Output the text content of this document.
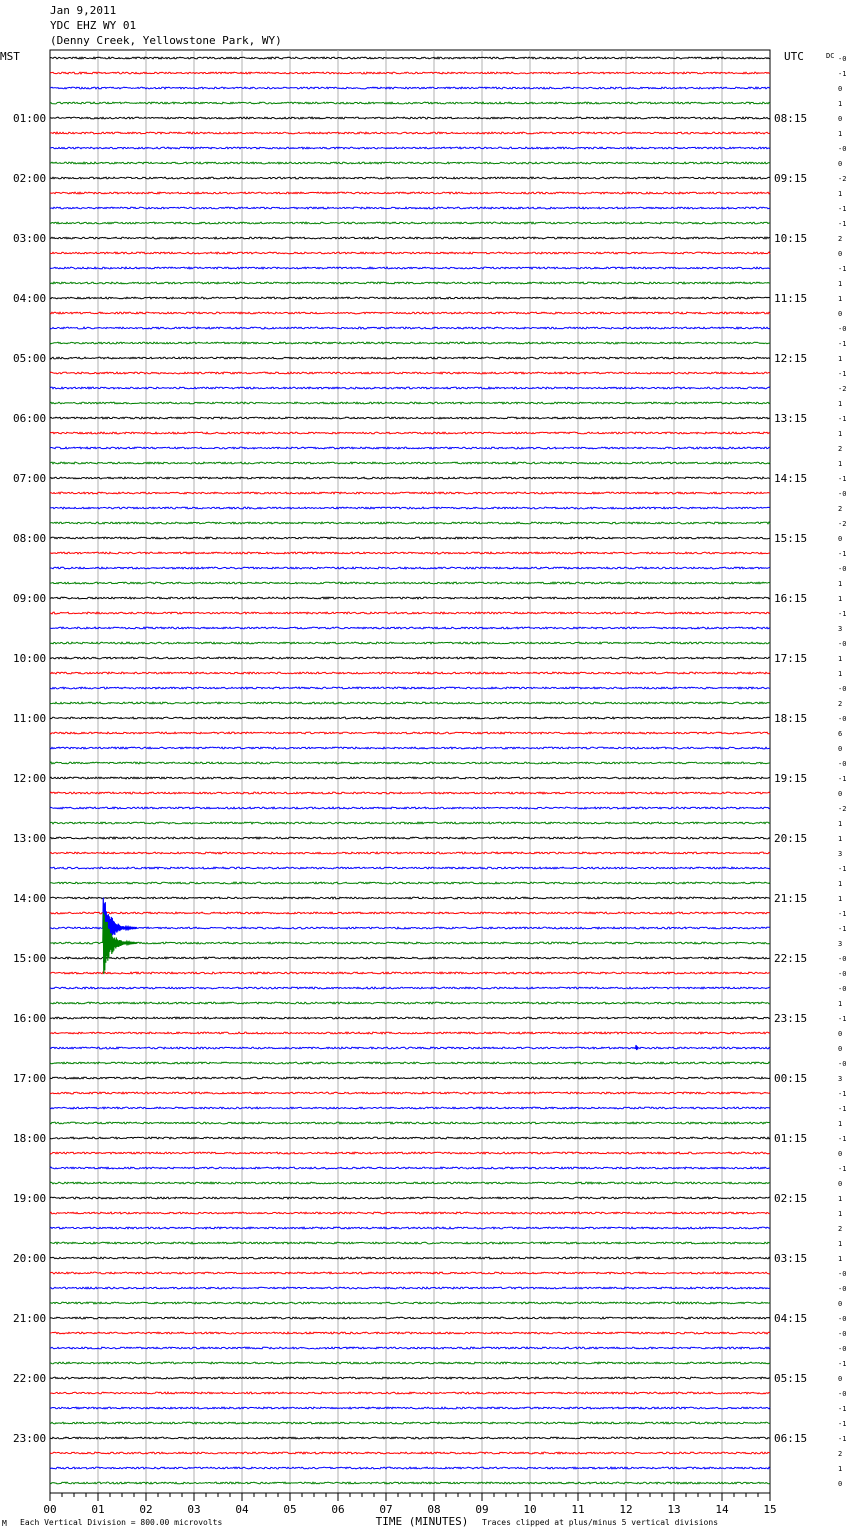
Jan 9,2011
YDC EHZ WY 01
(Denny Creek, Yellowstone Park, WY)
MST	UTC	DC
01:00
02:00
03:00
04:00
05:00
06:00
07:00
08:00
09:00
10:00
11:00
12:00
13:00
14:00
15:00
16:00
17:00
18:00
19:00
20:00
21:00
22:00
23:00
08:15
09:15
10:15
11:15
12:15
13:15
14:15
15:15
16:15
17:15
18:15
19:15
20:15
21:15
22:15
23:15
00:15
01:15
02:15
03:15
04:15
05:15
06:15
-0
-1
0
1
0
1
-0
0
-2
1
-1
-1
2
0
-1
1
1
0
-0
-1
1
-1
-2
1
-1
1
2
1
-1
-0
2
-2
0
-1
-0
1
1
-1
3
-0
1
1
-0
2
-0
6
0
-0
-1
0
-2
1
1
3
-1
1
1
-1
-1
3
-0
-0
-0
1
-1
0
0
-0
3
-1
-1
1
-1
0
-1
0
1
1
2
1
1
-0
-0
0
-0
-0
-0
-1
0
-0
-1
-1
-1
2
1
0
00	01	02	03	04	05	06	07	08	09	10	11	12	13	14	15
TIME (MINUTES)
M Each Vertical Division = 800.00 microvolts	Traces clipped at plus/minus 5 vertical divisions
